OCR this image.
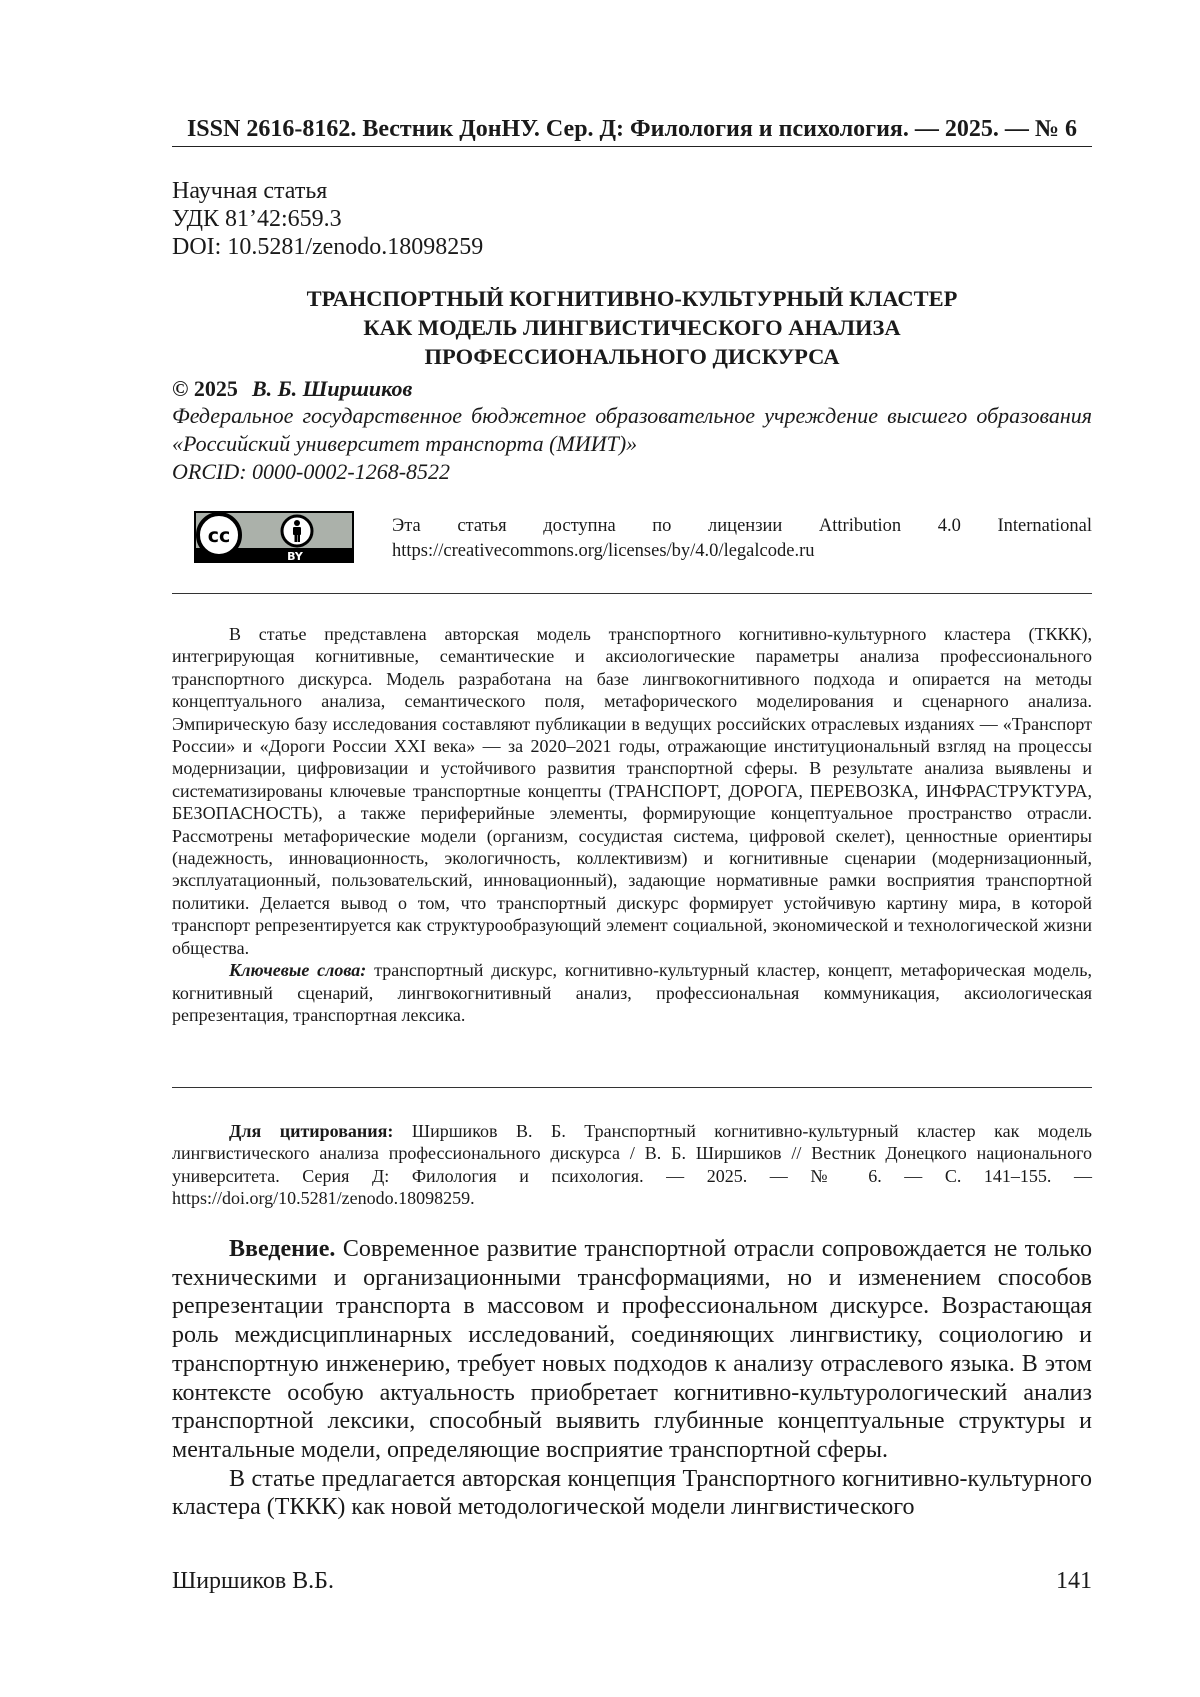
ISSN 2616-8162. Вестник ДонНУ. Сер. Д: Филология и психология. — 2025. — № 6
Научная статья
УДК 81’42:659.3
DOI: 10.5281/zenodo.18098259
ТРАНСПОРТНЫЙ КОГНИТИВНО-КУЛЬТУРНЫЙ КЛАСТЕР
КАК МОДЕЛЬ ЛИНГВИСТИЧЕСКОГО АНАЛИЗА
ПРОФЕССИОНАЛЬНОГО ДИСКУРСА
© 2025 В. Б. Ширшиков
Федеральное государственное бюджетное образовательное учреждение высшего образования «Российский университет транспорта (МИИТ)»
ORCID: 0000-0002-1268-8522
cc
BY
Эта статья доступна по лицензии Attribution 4.0 International
https://creativecommons.org/licenses/by/4.0/legalcode.ru

В статье представлена авторская модель транспортного когнитивно-культурного кластера (ТККК), интегрирующая когнитивные, семантические и аксиологические параметры анализа профессионального транспортного дискурса. Модель разработана на базе лингвокогнитивного подхода и опирается на методы концептуального анализа, семантического поля, метафорического моделирования и сценарного анализа. Эмпирическую базу исследования составляют публикации в ведущих российских отраслевых изданиях — «Транспорт России» и «Дороги России XXI века» — за 2020–2021 годы, отражающие институциональный взгляд на процессы модернизации, цифровизации и устойчивого развития транспортной сферы. В результате анализа выявлены и систематизированы ключевые транспортные концепты (ТРАНСПОРТ, ДОРОГА, ПЕРЕВОЗКА, ИНФРАСТРУКТУРА, БЕЗОПАСНОСТЬ), а также периферийные элементы, формирующие концептуальное пространство отрасли. Рассмотрены метафорические модели (организм, сосудистая система, цифровой скелет), ценностные ориентиры (надежность, инновационность, экологичность, коллективизм) и когнитивные сценарии (модернизационный, эксплуатационный, пользовательский, инновационный), задающие нормативные рамки восприятия транспортной политики. Делается вывод о том, что транспортный дискурс формирует устойчивую картину мира, в которой транспорт репрезентируется как структурообразующий элемент социальной, экономической и технологической жизни общества.

Ключевые слова: транспортный дискурс, когнитивно-культурный кластер, концепт, метафорическая модель, когнитивный сценарий, лингвокогнитивный анализ, профессиональная коммуникация, аксиологическая репрезентация, транспортная лексика.

Для цитирования: Ширшиков В. Б. Транспортный когнитивно-культурный кластер как модель лингвистического анализа профессионального дискурса / В. Б. Ширшиков // Вестник Донецкого национального университета. Серия Д: Филология и психология. — 2025. — № 6. — С. 141–155. — https://doi.org/10.5281/zenodo.18098259.

Введение. Современное развитие транспортной отрасли сопровождается не только техническими и организационными трансформациями, но и изменением способов репрезентации транспорта в массовом и профессиональном дискурсе. Возрастающая роль междисциплинарных исследований, соединяющих лингвистику, социологию и транспортную инженерию, требует новых подходов к анализу отраслевого языка. В этом контексте особую актуальность приобретает когнитивно-культурологический анализ транспортной лексики, способный выявить глубинные концептуальные структуры и ментальные модели, определяющие восприятие транспортной сферы.

В статье предлагается авторская концепция Транспортного когнитивно-культурного кластера (ТККК) как новой методологической модели лингвистического

Ширшиков В.Б.	141
